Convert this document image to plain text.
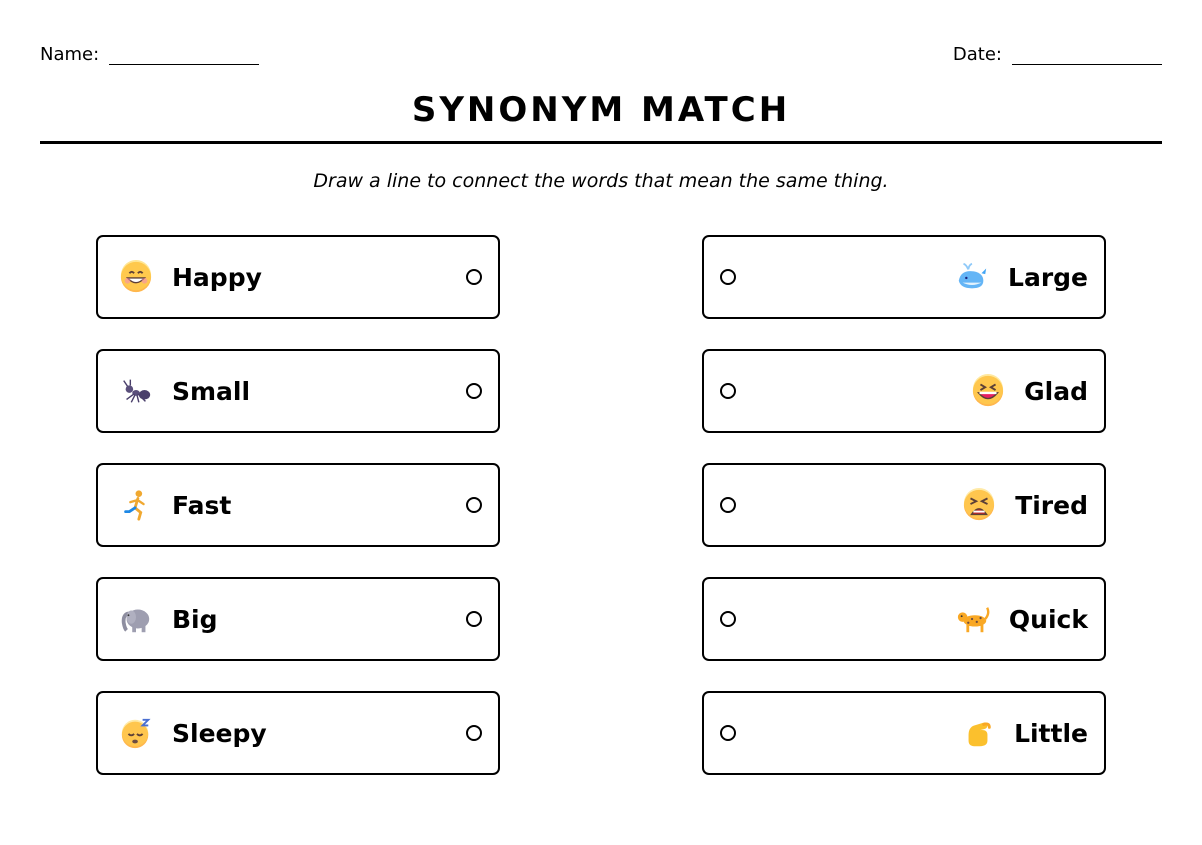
Name:	Date:
SYNONYM MATCH
Draw a line to connect the words that mean the same thing.
Happy
Small
Fast
Big
Sleepy
Large
Glad
Tired
Quick
Little
